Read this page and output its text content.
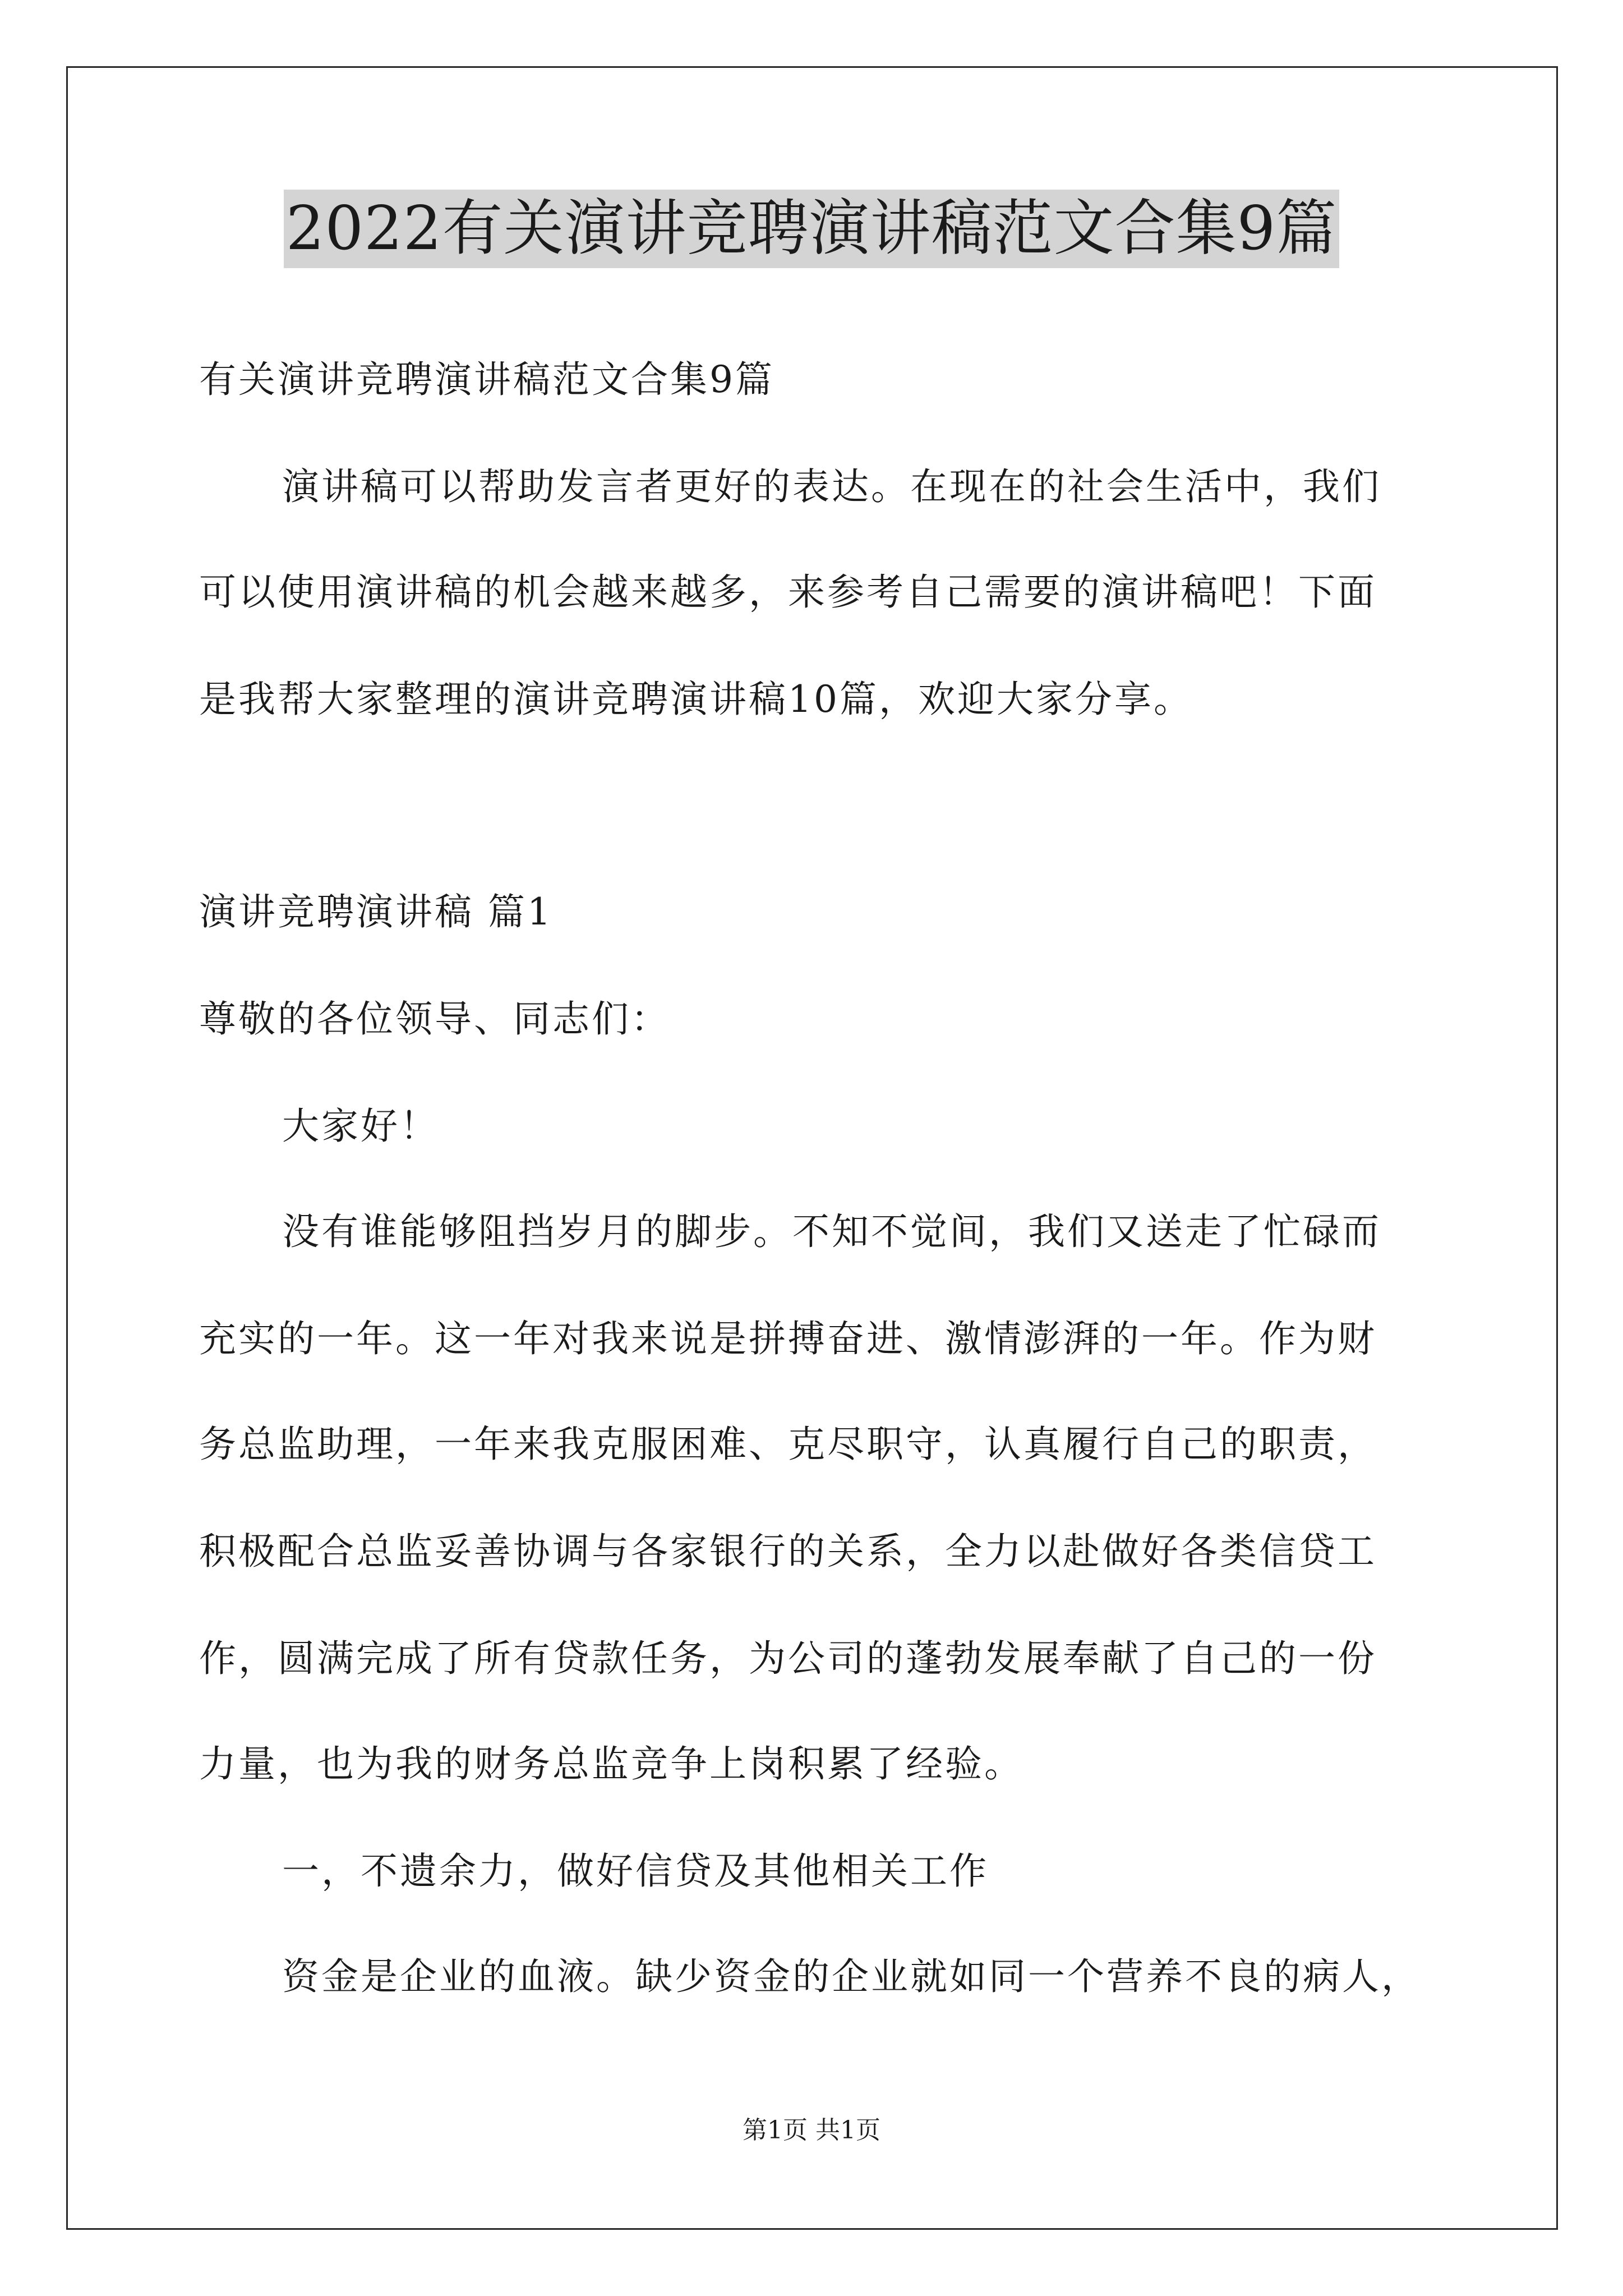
2022有关演讲竞聘演讲稿范文合集9篇
有关演讲竞聘演讲稿范文合集9篇
演讲稿可以帮助发言者更好的表达。在现在的社会生活中，我们
可以使用演讲稿的机会越来越多，来参考自己需要的演讲稿吧！下面
是我帮大家整理的演讲竞聘演讲稿10篇，欢迎大家分享。
演讲竞聘演讲稿 篇1
尊敬的各位领导、同志们：
大家好！
没有谁能够阻挡岁月的脚步。不知不觉间，我们又送走了忙碌而
充实的一年。这一年对我来说是拼搏奋进、激情澎湃的一年。作为财
务总监助理，一年来我克服困难、克尽职守，认真履行自己的职责，
积极配合总监妥善协调与各家银行的关系，全力以赴做好各类信贷工
作，圆满完成了所有贷款任务，为公司的蓬勃发展奉献了自己的一份
力量，也为我的财务总监竞争上岗积累了经验。
一，不遗余力，做好信贷及其他相关工作
资金是企业的血液。缺少资金的企业就如同一个营养不良的病人，
第1页 共1页
